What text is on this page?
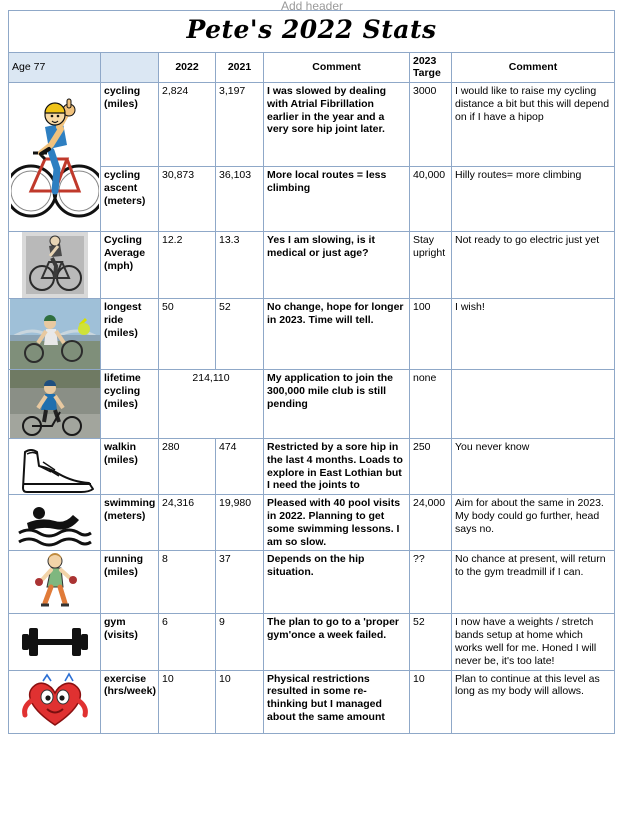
Add header
Pete's 2022 Stats						
Age 77		2022	2021	Comment	2023 Targe	Comment

	cycling (miles)	2,824	3,197	I was slowed by dealing with Atrial Fibrillation earlier in the year and a very sore hip joint later.	3000	I would like to raise my cycling distance a bit but this will depend on if I have a hipop
	cycling ascent (meters)	30,873	36,103	More local routes = less climbing	40,000	Hilly routes= more climbing

	Cycling Average (mph)	12.2	13.3	Yes I am slowing, is it medical or just age?	Stay upright	Not ready to go electric just yet

	longest ride (miles)	50	52	No change, hope for longer in 2023. Time will tell.	100	I wish!

	lifetime cycling (miles)	214,110		My application to join the 300,000 mile club is still pending	none	

	walkin (miles)	280	474	Restricted by a sore hip in the last 4 months. Loads to explore in East Lothian but I need the joints to	250	You never know

	swimming (meters)	24,316	19,980	Pleased with 40 pool visits in 2022. Planning to get some swimming lessons. I am so slow.	24,000	Aim for about the same in 2023. My body could go further, head says no.

	running (miles)	8	37	Depends on the hip situation.	??	No chance at present, will return to the gym treadmill if I can.

	gym (visits)	6	9	The plan to go to a 'proper gym'once a week failed.	52	I now have a weights / stretch bands setup at home which works well for me. Honed I will never be, it's too late!

	exercise (hrs/week)	10	10	Physical restrictions resulted in some re-thinking but I managed about the same amount	10	Plan to continue at this level as long as my body will allows.
